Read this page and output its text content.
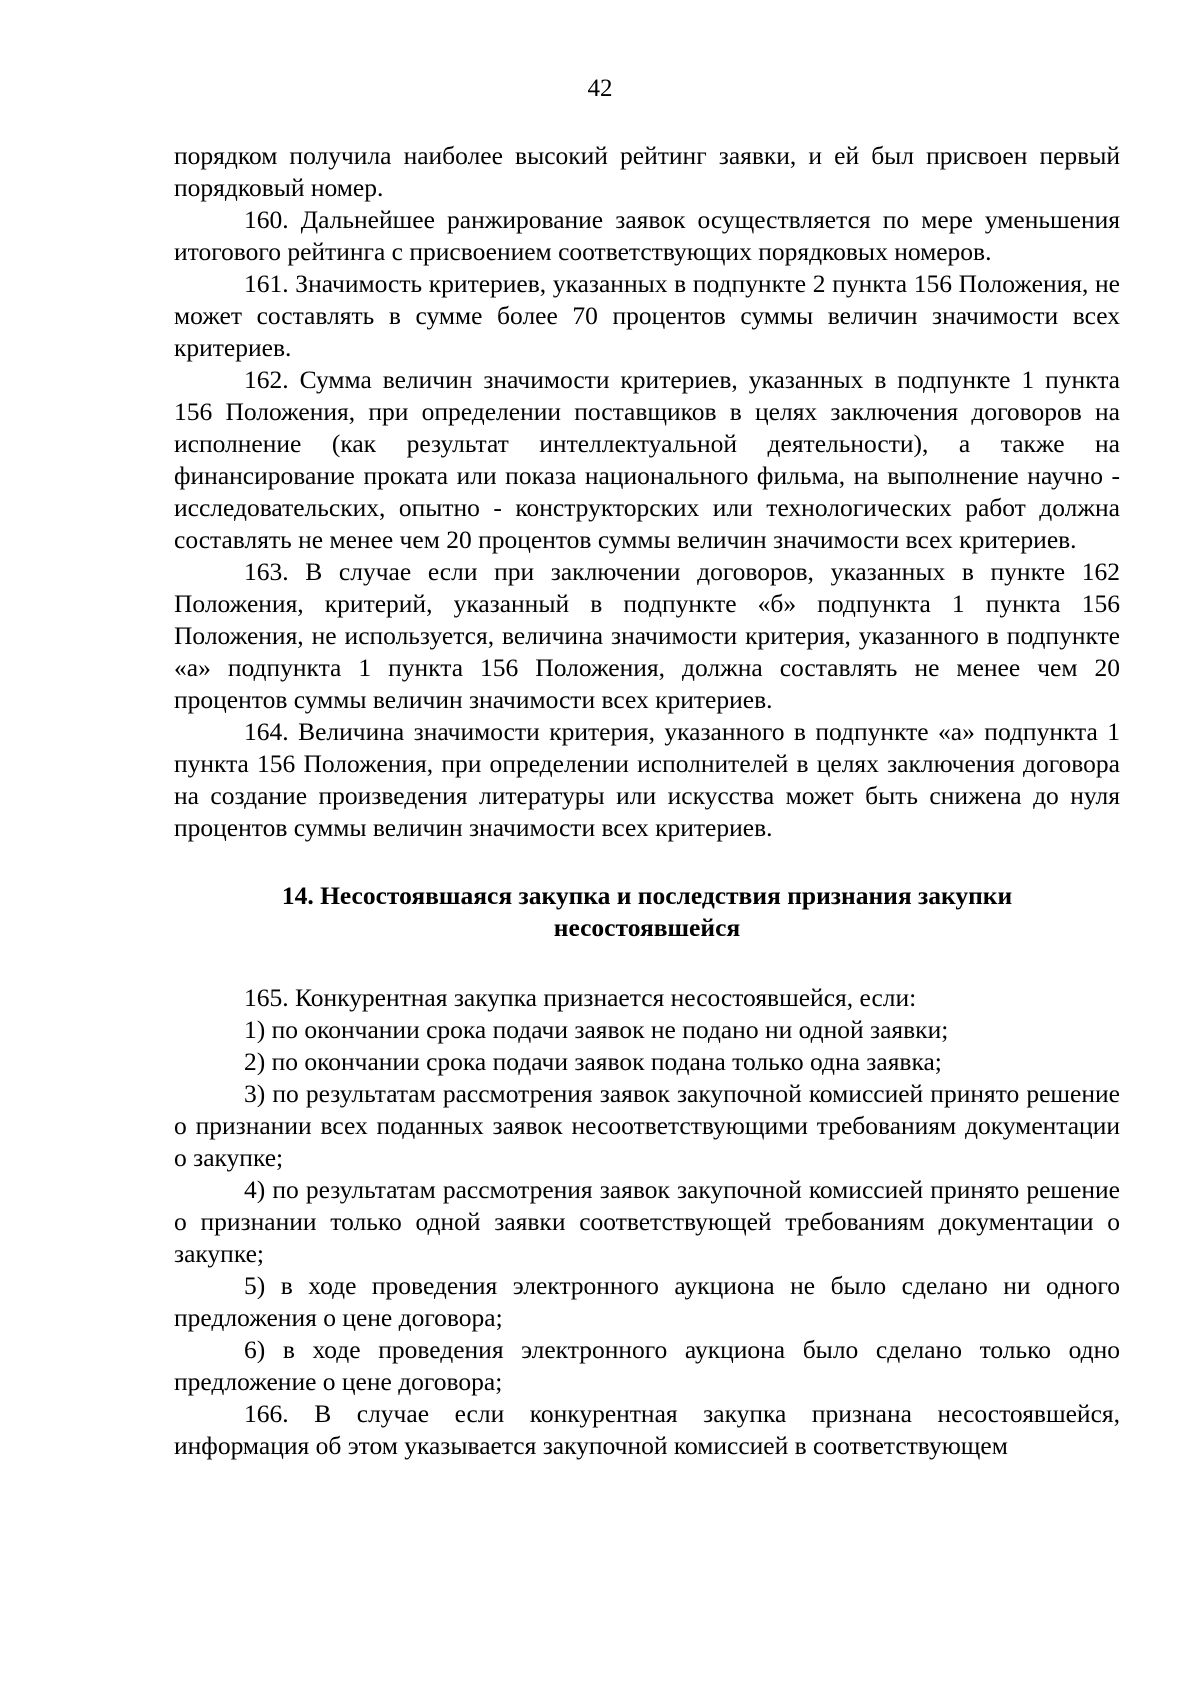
42

порядком получила наиболее высокий рейтинг заявки, и ей был присвоен первый порядковый номер.

160. Дальнейшее ранжирование заявок осуществляется по мере уменьшения итогового рейтинга с присвоением соответствующих порядковых номеров.

161. Значимость критериев, указанных в подпункте 2 пункта 156 Положения, не может составлять в сумме более 70 процентов суммы величин значимости всех критериев.

162. Сумма величин значимости критериев, указанных в подпункте 1 пункта 156 Положения, при определении поставщиков в целях заключения договоров на исполнение (как результат интеллектуальной деятельности), а также на финансирование проката или показа национального фильма, на выполнение научно - исследовательских, опытно - конструкторских или технологических работ должна составлять не менее чем 20 процентов суммы величин значимости всех критериев.

163. В случае если при заключении договоров, указанных в пункте 162 Положения, критерий, указанный в подпункте «б» подпункта 1 пункта 156 Положения, не используется, величина значимости критерия, указанного в подпункте «а» подпункта 1 пункта 156 Положения, должна составлять не менее чем 20 процентов суммы величин значимости всех критериев.

164. Величина значимости критерия, указанного в подпункте «а» подпункта 1 пункта 156 Положения, при определении исполнителей в целях заключения договора на создание произведения литературы или искусства может быть снижена до нуля процентов суммы величин значимости всех критериев.

14. Несостоявшаяся закупка и последствия признания закупки несостоявшейся

165. Конкурентная закупка признается несостоявшейся, если:

1) по окончании срока подачи заявок не подано ни одной заявки;

2) по окончании срока подачи заявок подана только одна заявка;

3) по результатам рассмотрения заявок закупочной комиссией принято решение о признании всех поданных заявок несоответствующими требованиям документации о закупке;

4) по результатам рассмотрения заявок закупочной комиссией принято решение о признании только одной заявки соответствующей требованиям документации о закупке;

5) в ходе проведения электронного аукциона не было сделано ни одного предложения о цене договора;

6) в ходе проведения электронного аукциона было сделано только одно предложение о цене договора;

166. В случае если конкурентная закупка признана несостоявшейся, информация об этом указывается закупочной комиссией в соответствующем
